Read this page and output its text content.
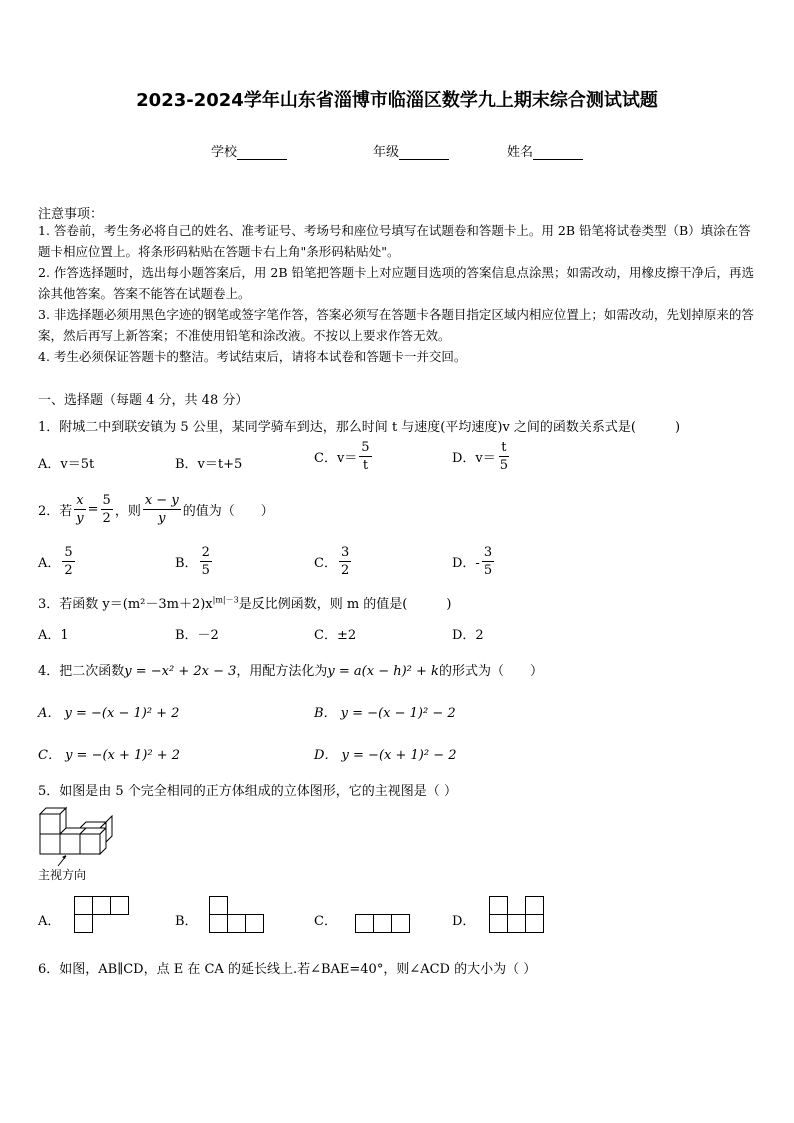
2023-2024学年山东省淄博市临淄区数学九上期末综合测试试题
学校	年级	姓名
注意事项：
1. 答卷前，考生务必将自己的姓名、准考证号、考场号和座位号填写在试题卷和答题卡上。用 2B 铅笔将试卷类型（B）填涂在答题卡相应位置上。将条形码粘贴在答题卡右上角"条形码粘贴处"。
2. 作答选择题时，选出每小题答案后，用 2B 铅笔把答题卡上对应题目选项的答案信息点涂黑；如需改动，用橡皮擦干净后，再选涂其他答案。答案不能答在试题卷上。
3. 非选择题必须用黑色字迹的钢笔或签字笔作答，答案必须写在答题卡各题目指定区域内相应位置上；如需改动，先划掉原来的答案，然后再写上新答案；不准使用铅笔和涂改液。不按以上要求作答无效。
4. 考生必须保证答题卡的整洁。考试结束后，请将本试卷和答题卡一并交回。
一、选择题（每题 4 分，共 48 分）
1．附城二中到联安镇为 5 公里，某同学骑车到达，那么时间 t 与速度(平均速度)v 之间的函数关系式是(　　　)
A．v＝5t	B．v＝t+5	C．$v= \frac{5}{t}$	D．$v= \frac{t}{5}$
2．若 $\frac{x}{y} = \frac{5}{2}$ ，则 $\frac{x - y}{y}$ 的值为（　　）
A． $\frac{5}{2}$	B． $\frac{2}{5}$	C． $\frac{3}{2}$	D．- $\frac{3}{5}$
3．若函数 $y=(m^2-3m+2)x^{|m|-3}$是反比例函数，则 m 的值是(　　　)
A．1	B．－2	C．±2	D．2
4．把二次函数y = −x² + 2x − 3，用配方法化为y = a(x − h)² + k的形式为（　　）
A． y = −(x − 1)² + 2	B． y = −(x − 1)² − 2
C． y = −(x + 1)² + 2	D． y = −(x + 1)² − 2
5．如图是由 5 个完全相同的正方体组成的立体图形，它的主视图是（ ）
主视方向
A．	B．	C．	D．
6．如图，AB∥CD，点 E 在 CA 的延长线上.若∠BAE=40°，则∠ACD 的大小为（ ）
